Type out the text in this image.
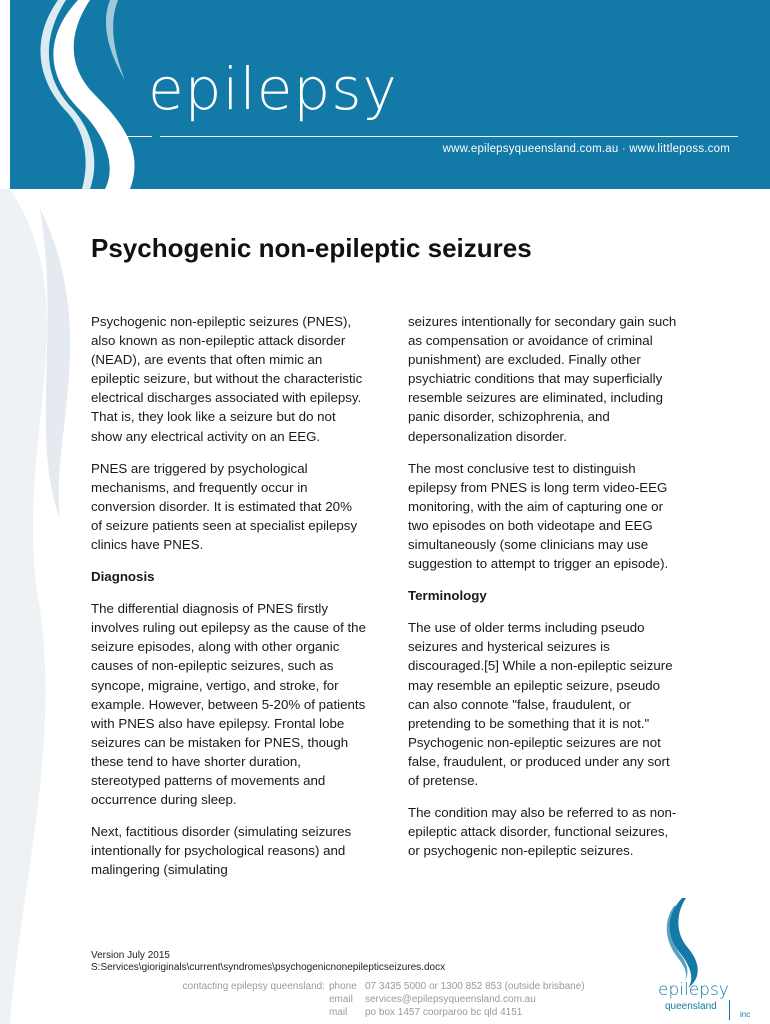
epilepsy
www.epilepsyqueensland.com.au · www.littleposs.com
Psychogenic non-epileptic seizures

Psychogenic non-epileptic seizures (PNES), also known as non-epileptic attack disorder (NEAD), are events that often mimic an epileptic seizure, but without the characteristic electrical discharges associated with epilepsy. That is, they look like a seizure but do not show any electrical activity on an EEG.

PNES are triggered by psychological mechanisms, and frequently occur in conversion disorder. It is estimated that 20% of seizure patients seen at specialist epilepsy clinics have PNES.

Diagnosis

The differential diagnosis of PNES firstly involves ruling out epilepsy as the cause of the seizure episodes, along with other organic causes of non-epileptic seizures, such as syncope, migraine, vertigo, and stroke, for example. However, between 5-20% of patients with PNES also have epilepsy. Frontal lobe seizures can be mistaken for PNES, though these tend to have shorter duration, stereotyped patterns of movements and occurrence during sleep.

Next, factitious disorder (simulating seizures intentionally for psychological reasons) and malingering (simulating

seizures intentionally for secondary gain such as compensation or avoidance of criminal punishment) are excluded. Finally other psychiatric conditions that may superficially resemble seizures are eliminated, including panic disorder, schizophrenia, and depersonalization disorder.

The most conclusive test to distinguish epilepsy from PNES is long term video-EEG monitoring, with the aim of capturing one or two episodes on both videotape and EEG simultaneously (some clinicians may use suggestion to attempt to trigger an episode).

Terminology

The use of older terms including pseudo seizures and hysterical seizures is discouraged.[5] While a non-epileptic seizure may resemble an epileptic seizure, pseudo can also connote "false, fraudulent, or pretending to be something that it is not." Psychogenic non-epileptic seizures are not false, fraudulent, or produced under any sort of pretense.

The condition may also be referred to as non-epileptic attack disorder, functional seizures, or psychogenic non-epileptic seizures.

Version July 2015
S:Services\gioriginals\current\syndromes\psychogenicnonepilepticseizures.docx
contacting epilepsy queensland: phone 07 3435 5000 or 1300 852 853 (outside brisbane)
email	services@epilepsyqueensland.com.au
mail	po box 1457 coorparoo bc qld 4151
epilepsy
queensland
inc
